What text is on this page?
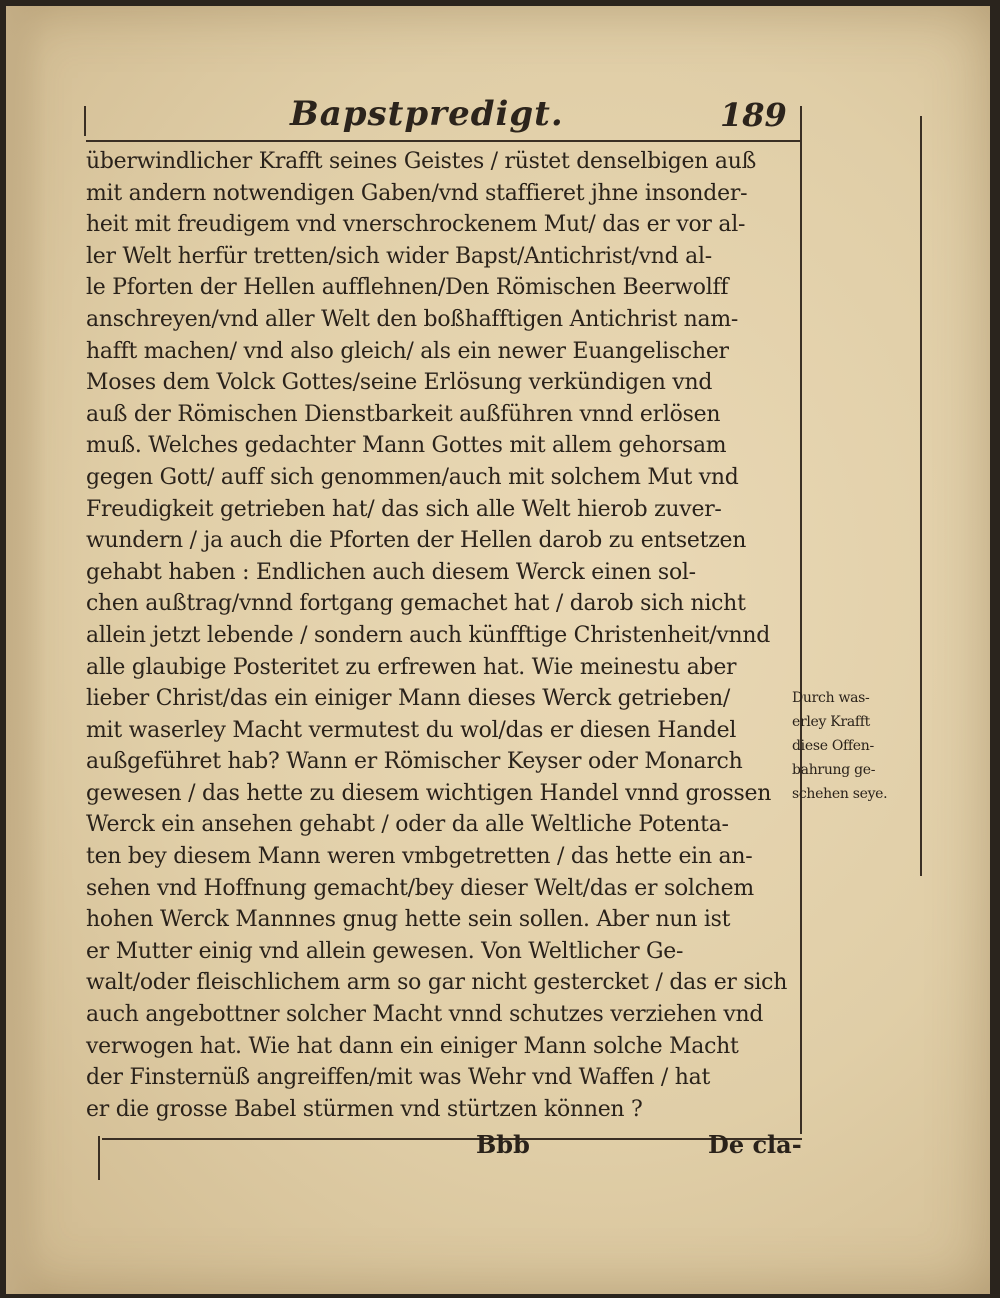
Bapstpredigt.	189
überwindlicher Krafft seines Geistes / rüstet denselbigen auß
mit andern notwendigen Gaben/vnd staffieret jhne insonder-
heit mit freudigem vnd vnerschrockenem Mut/ das er vor al-
ler Welt herfür tretten/sich wider Bapst/Antichrist/vnd al-
le Pforten der Hellen aufflehnen/Den Römischen Beerwolff
anschreyen/vnd aller Welt den boßhafftigen Antichrist nam-
hafft machen/ vnd also gleich/ als ein newer Euangelischer
Moses dem Volck Gottes/seine Erlösung verkündigen vnd
auß der Römischen Dienstbarkeit außführen vnnd erlösen
muß. Welches gedachter Mann Gottes mit allem gehorsam
gegen Gott/ auff sich genommen/auch mit solchem Mut vnd
Freudigkeit getrieben hat/ das sich alle Welt hierob zuver-
wundern / ja auch die Pforten der Hellen darob zu entsetzen
gehabt haben : Endlichen auch diesem Werck einen sol-
chen außtrag/vnnd fortgang gemachet hat / darob sich nicht
allein jetzt lebende / sondern auch künfftige Christenheit/vnnd
alle glaubige Posteritet zu erfrewen hat. Wie meinestu aber
lieber Christ/das ein einiger Mann dieses Werck getrieben/
mit waserley Macht vermutest du wol/das er diesen Handel
außgeführet hab? Wann er Römischer Keyser oder Monarch
gewesen / das hette zu diesem wichtigen Handel vnnd grossen
Werck ein ansehen gehabt / oder da alle Weltliche Potenta-
ten bey diesem Mann weren vmbgetretten / das hette ein an-
sehen vnd Hoffnung gemacht/bey dieser Welt/das er solchem
hohen Werck Mannnes gnug hette sein sollen. Aber nun ist
er Mutter einig vnd allein gewesen. Von Weltlicher Ge-
walt/oder fleischlichem arm so gar nicht gestercket / das er sich
auch angebottner solcher Macht vnnd schutzes verziehen vnd
verwogen hat. Wie hat dann ein einiger Mann solche Macht
der Finsternüß angreiffen/mit was Wehr vnd Waffen / hat
er die grosse Babel stürmen vnd stürtzen können ?
Durch was-
erley Krafft
diese Offen-
bahrung ge-
schehen seye.
Bbb	De cla-
